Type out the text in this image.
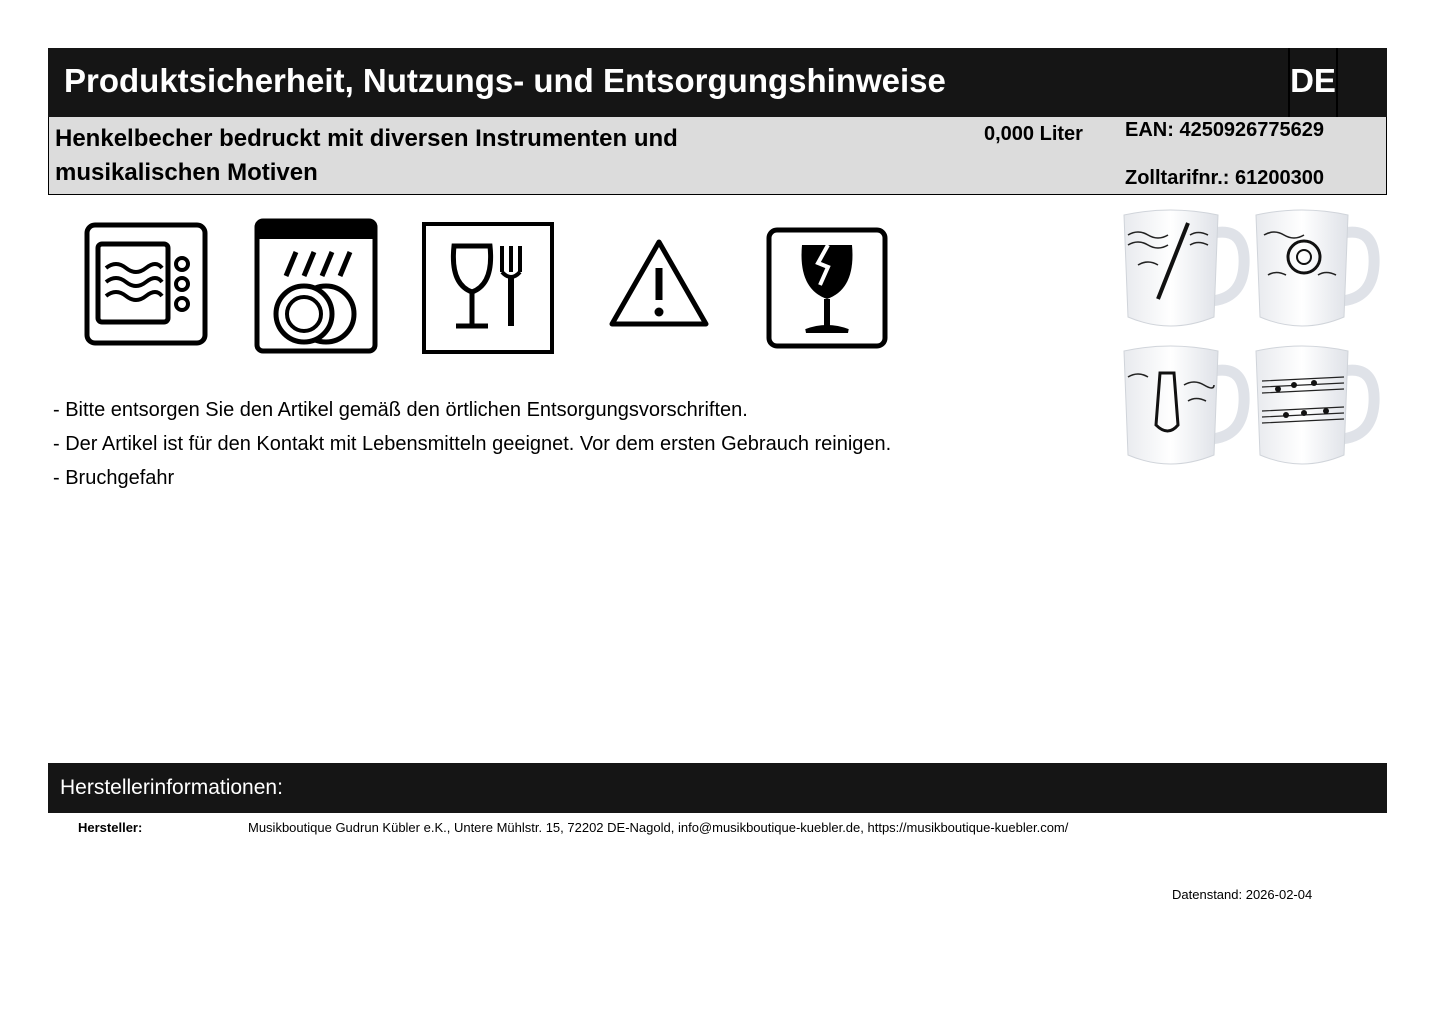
Produktsicherheit, Nutzungs- und Entsorgungshinweise	DE
Henkelbecher bedruckt mit diversen Instrumenten und musikalischen Motiven
0,000 Liter EAN: 4250926775629
Zolltarifnr.: 61200300
- Bitte entsorgen Sie den Artikel gemäß den örtlichen Entsorgungsvorschriften.
- Der Artikel ist für den Kontakt mit Lebensmitteln geeignet. Vor dem ersten Gebrauch reinigen.
- Bruchgefahr
Herstellerinformationen:
Hersteller:	Musikboutique Gudrun Kübler e.K., Untere Mühlstr. 15, 72202 DE-Nagold, info@musikboutique-kuebler.de, https://musikboutique-kuebler.com/
Datenstand: 2026-02-04
